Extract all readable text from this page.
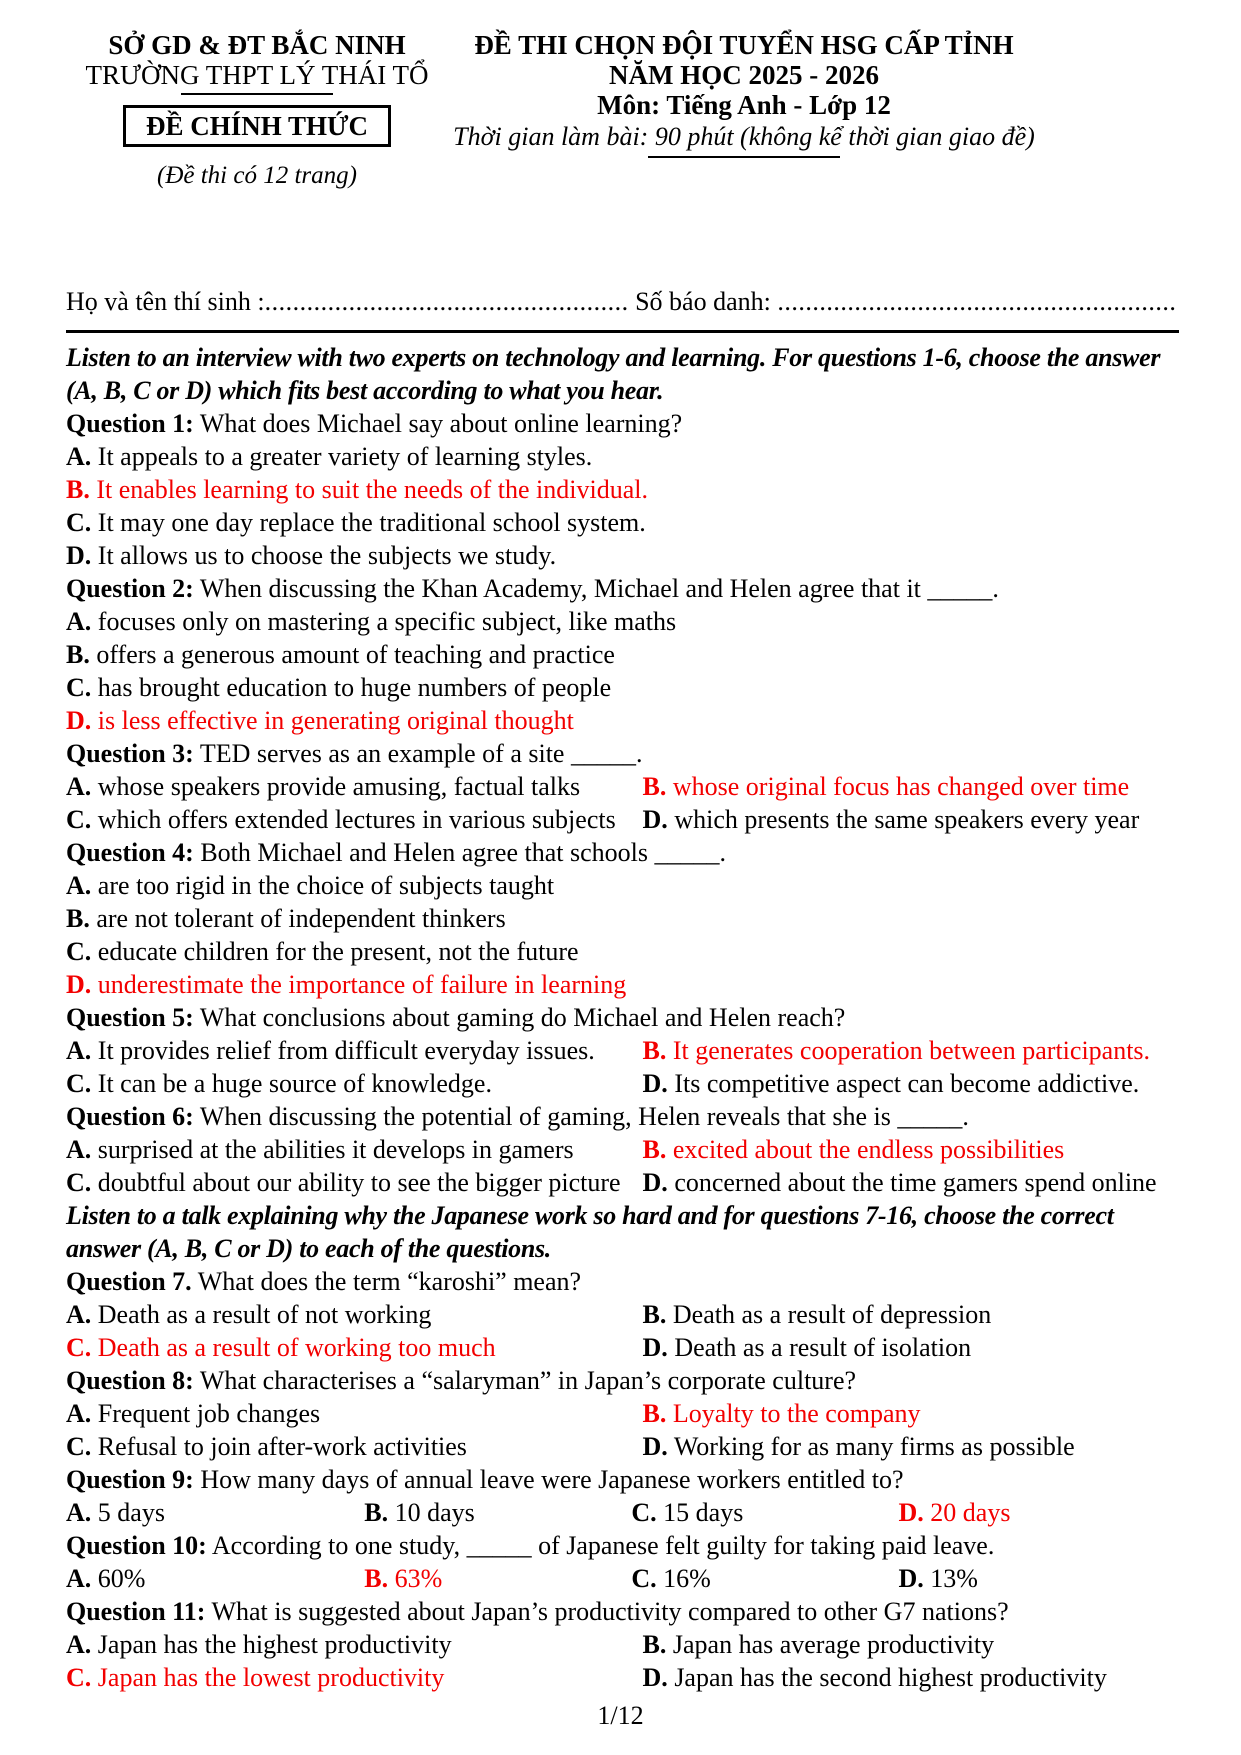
SỞ GD & ĐT BẮC NINH
TRƯỜNG THPT LÝ THÁI TỔ
ĐỀ CHÍNH THỨC
(Đề thi có 12 trang)
ĐỀ THI CHỌN ĐỘI TUYỂN HSG CẤP TỈNH
NĂM HỌC 2025 - 2026
Môn: Tiếng Anh - Lớp 12
Thời gian làm bài: 90 phút (không kể thời gian giao đề)
Họ và tên thí sinh :.................................................... Số báo danh: .........................................................
Listen to an interview with two experts on technology and learning. For questions 1-6, choose the answer (A, B, C or D) which fits best according to what you hear.
Question 1: What does Michael say about online learning?
A. It appeals to a greater variety of learning styles.
B. It enables learning to suit the needs of the individual.
C. It may one day replace the traditional school system.
D. It allows us to choose the subjects we study.
Question 2: When discussing the Khan Academy, Michael and Helen agree that it _____.
A. focuses only on mastering a specific subject, like maths
B. offers a generous amount of teaching and practice
C. has brought education to huge numbers of people
D. is less effective in generating original thought
Question 3: TED serves as an example of a site _____.
A. whose speakers provide amusing, factual talks	B. whose original focus has changed over time
C. which offers extended lectures in various subjects	D. which presents the same speakers every year
Question 4: Both Michael and Helen agree that schools _____.
A. are too rigid in the choice of subjects taught
B. are not tolerant of independent thinkers
C. educate children for the present, not the future
D. underestimate the importance of failure in learning
Question 5: What conclusions about gaming do Michael and Helen reach?
A. It provides relief from difficult everyday issues.	B. It generates cooperation between participants.
C. It can be a huge source of knowledge.	D. Its competitive aspect can become addictive.
Question 6: When discussing the potential of gaming, Helen reveals that she is _____.
A. surprised at the abilities it develops in gamers	B. excited about the endless possibilities
C. doubtful about our ability to see the bigger picture D. concerned about the time gamers spend online
Listen to a talk explaining why the Japanese work so hard and for questions 7-16, choose the correct answer (A, B, C or D) to each of the questions.
Question 7. What does the term “karoshi” mean?
A. Death as a result of not working	B. Death as a result of depression
C. Death as a result of working too much	D. Death as a result of isolation
Question 8: What characterises a “salaryman” in Japan’s corporate culture?
A. Frequent job changes	B. Loyalty to the company
C. Refusal to join after-work activities	D. Working for as many firms as possible
Question 9: How many days of annual leave were Japanese workers entitled to?
A. 5 days	B. 10 days	C. 15 days	D. 20 days
Question 10: According to one study, _____ of Japanese felt guilty for taking paid leave.
A. 60%	B. 63%	C. 16%	D. 13%
Question 11: What is suggested about Japan’s productivity compared to other G7 nations?
A. Japan has the highest productivity	B. Japan has average productivity
C. Japan has the lowest productivity	D. Japan has the second highest productivity
1/12
